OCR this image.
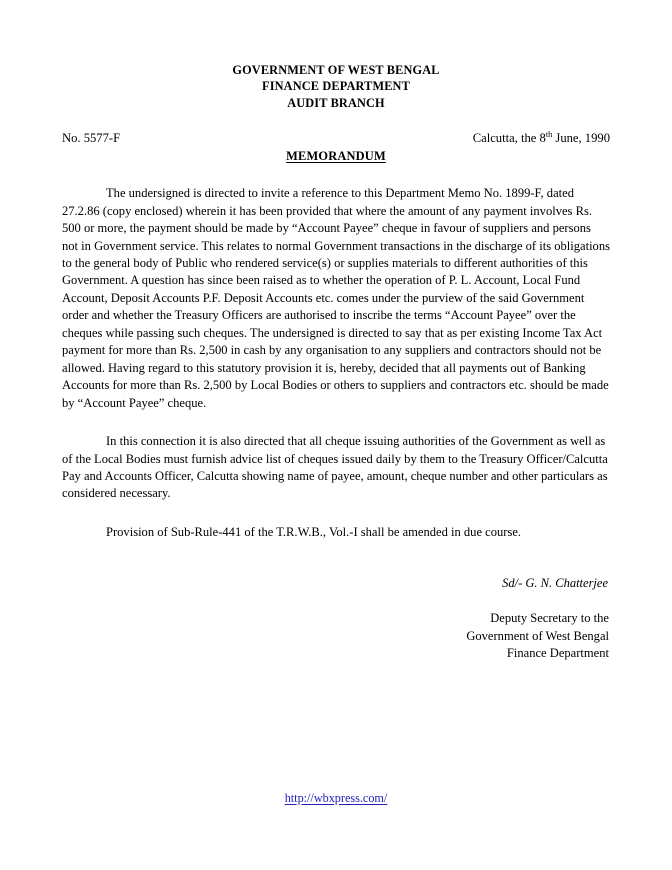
GOVERNMENT OF WEST BENGAL
FINANCE DEPARTMENT
AUDIT BRANCH
No. 5577-F	Calcutta, the 8th June, 1990
MEMORANDUM

The undersigned is directed to invite a reference to this Department Memo No. 1899-F, dated 27.2.86 (copy enclosed) wherein it has been provided that where the amount of any payment involves Rs. 500 or more, the payment should be made by “Account Payee” cheque in favour of suppliers and persons not in Government service. This relates to normal Government transactions in the discharge of its obligations to the general body of Public who rendered service(s) or supplies materials to different authorities of this Government. A question has since been raised as to whether the operation of P. L. Account, Local Fund Account, Deposit Accounts P.F. Deposit Accounts etc. comes under the purview of the said Government order and whether the Treasury Officers are authorised to inscribe the terms “Account Payee” over the cheques while passing such cheques. The undersigned is directed to say that as per existing Income Tax Act payment for more than Rs. 2,500 in cash by any organisation to any suppliers and contractors should not be allowed. Having regard to this statutory provision it is, hereby, decided that all payments out of Banking Accounts for more than Rs. 2,500 by Local Bodies or others to suppliers and contractors etc. should be made by “Account Payee” cheque.

In this connection it is also directed that all cheque issuing authorities of the Government as well as of the Local Bodies must furnish advice list of cheques issued daily by them to the Treasury Officer/Calcutta Pay and Accounts Officer, Calcutta showing name of payee, amount, cheque number and other particulars as considered necessary.

Provision of Sub-Rule-441 of the T.R.W.B., Vol.-I shall be amended in due course.

Sd/- G. N. Chatterjee
Deputy Secretary to the
Government of West Bengal
Finance Department
http://wbxpress.com/
